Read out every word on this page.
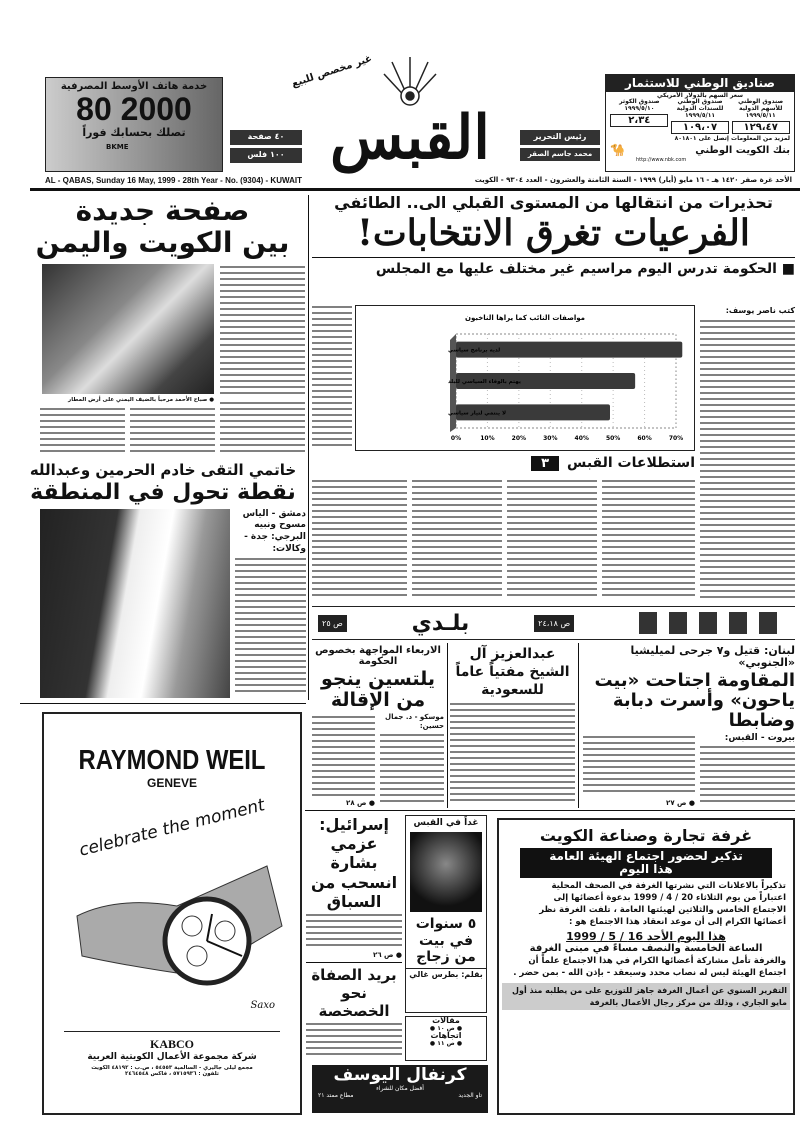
صناديق الوطني للاستثمار
سعر السهم بالدولار الأمريكي
صندوق الوطني للأسهم الدولية
١٩٩٩/٥/١١
١٢٩،٤٧
صندوق الوطني للسندات الدولية
١٩٩٩/٥/١١
١٠٩،٠٧
صندوق الكوثر
١٩٩٩/٥/١٠
٢،٣٤
لمزيد من المعلومات إتصل على ٨٠١٨٠١
بنك الكويت الوطني
🐪
http://www.nbk.com
القبس
غير مخصص للبيع
رئيس التحرير
محمد جاسم الصقر
٤٠ صفحة
١٠٠ فلس
خدمة هاتف الأوسط المصرفية
80 2000
تصلك بحسابك فوراً
BKME
AL - QABAS, Sunday 16 May, 1999 - 28th Year - No. (9304) - KUWAIT	الأحد غرة صفر ١٤٢٠ هـ - ١٦ مايو (أيار) ١٩٩٩ - السنة الثامنة والعشرون - العدد ٩٣٠٤ - الكويت
تحذيرات من انتقالها من المستوى القبلي الى.. الطائفي
الفرعيات تغرق الانتخابات!
■ الحكومة تدرس اليوم مراسيم غير مختلف عليها مع المجلس
كتب ناصر يوسف:
مواصفات النائب كما يراها الناخبون
0%	10%	20%	30%	40%	50%	60%	70%
لديه برنامج سياسي
يهتم بالوفاء السياسي للبلد
لا ينتمي لتيار سياسي
استطلاعات القبس
٣
صفحة جديدة
بين الكويت واليمن
● صباح الأحمد مرحباً بالضيف اليمني على أرض المطار
خاتمي التقى خادم الحرمين وعبدالله
نقطة تحول في المنطقة
دمشق - الياس مسوح ونبيه البرجي: جدة - وكالات:
ص ٢٤،١٨
بلـدي
ص ٢٥
لبنان: قتيل و٧ جرحى لميليشيا «الجنوبي»
المقاومة اجتاحت «بيت ياحون» وأسرت دبابة وضابطا
● ص ٢٧
بيروت - القبس:
عبدالعزيز آل الشيخ مفتياً عاماً للسعودية
الاربعاء المواجهة بخصوص الحكومة
يلتسين ينجو من الإقالة
● ص ٢٨
موسكو - د. جمال حسين:
RAYMOND WEIL
GENEVE
celebrate the moment
Saxo
KABCO
شركة مجموعة الأعمال الكويتية العربية
مجمع ليلى جاليري - السالمية ٥٤٥٥٣ ، ص.ب : ٤٨١٩٢ الكويت
تلفون : ٥٧١٥٩٣٦ ، فاكس ٢٤٦٤٥٤٨
إسرائيل: عزمي بشارة انسحب من السباق
● ص ٢٦
بريد الصفاة نحو الخصخصة
غداً في القبس
٥ سنوات في بيت من زجاج
بقلم: بطرس غالي
مقالات
● ص ١٠ ●
اتجاهات
● ص ١١ ●
كرنفال اليوسف
أفضل مكان للشراء
تاو الجديد
مطاع ممتد ٢١
غرفة تجارة وصناعة الكويت
تذكير لحضور اجتماع الهيئة العامة
هذا اليوم
تذكيراً بالاعلانات التي نشرتها الغرفة في الصحف المحلية
اعتباراً من يوم الثلاثاء 20 / 4 / 1999 بدعوة أعضائها إلى
الاجتماع الخامس والثلاثين لهيئتها العامة ، تلفت الغرفة نظر
أعضائها الكرام إلى أن موعد انعقاد هذا الاجتماع هو :
هذا اليوم الأحد 16 / 5 / 1999
الساعة الخامسة والنصف مساءً في مبنى الغرفة
والغرفة تأمل مشاركة أعضائها الكرام في هذا الاجتماع علماً أن
اجتماع الهيئة ليس له نصاب محدد وسيعقد - بإذن الله - بمن حضر .
التقرير السنوي عن أعمال الغرفة جاهز للتوزيع على من يطلبه منذ أول مايو الجاري ، وذلك من مركز رجال الأعمال بالغرفة
